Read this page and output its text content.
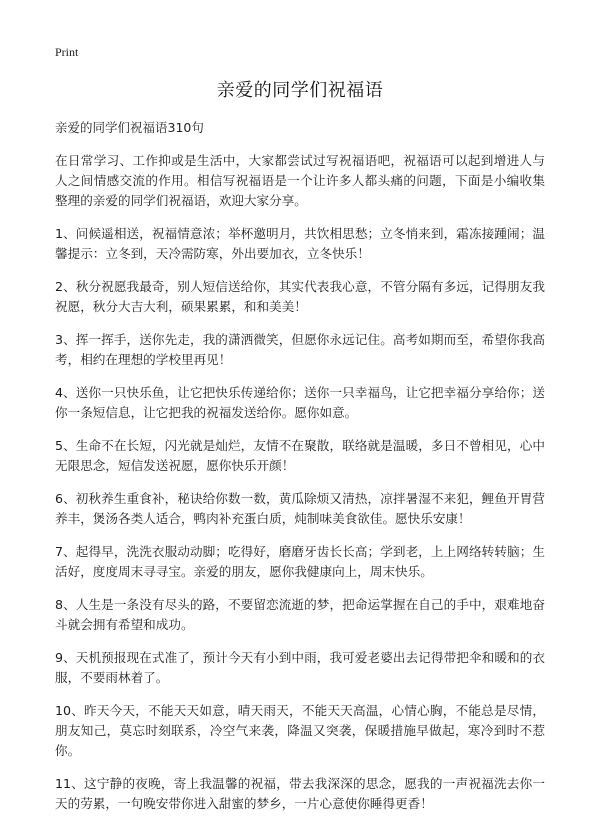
Print
亲爱的同学们祝福语
亲爱的同学们祝福语310句

在日常学习、工作抑或是生活中，大家都尝试过写祝福语吧，祝福语可以起到增进人与人之间情感交流的作用。相信写祝福语是一个让许多人都头痛的问题，下面是小编收集整理的亲爱的同学们祝福语，欢迎大家分享。

1、问候遥相送，祝福情意浓；举杯邀明月，共饮相思愁；立冬悄来到，霜冻接踵闹；温馨提示：立冬到，天冷需防寒，外出要加衣，立冬快乐！

2、秋分祝愿我最奇，别人短信送给你，其实代表我心意，不管分隔有多远，记得朋友我祝愿，秋分大吉大利，硕果累累，和和美美！

3、挥一挥手，送你先走，我的潇洒微笑，但愿你永远记住。高考如期而至，希望你我高考，相约在理想的学校里再见！

4、送你一只快乐鱼，让它把快乐传递给你；送你一只幸福鸟，让它把幸福分享给你；送你一条短信息，让它把我的祝福发送给你。愿你如意。

5、生命不在长短，闪光就是灿烂，友情不在聚散，联络就是温暖，多日不曾相见，心中无限思念，短信发送祝愿，愿你快乐开颜！

6、初秋养生重食补，秘诀给你数一数，黄瓜除烦又清热，凉拌暑湿不来犯，鲤鱼开胃营养丰，煲汤各类人适合，鸭肉补充蛋白质，炖制味美食欲佳。愿快乐安康！

7、起得早，洗洗衣服动动脚；吃得好，磨磨牙齿长长高；学到老，上上网络转转脑；生活好，度度周末寻寻宝。亲爱的朋友，愿你我健康向上，周末快乐。

8、人生是一条没有尽头的路，不要留恋流逝的梦，把命运掌握在自己的手中，艰难地奋斗就会拥有希望和成功。

9、天机预报现在式准了，预计今天有小到中雨，我可爱老婆出去记得带把伞和暖和的衣服，不要雨林着了。

10、昨天今天，不能天天如意，晴天雨天，不能天天高温，心情心胸，不能总是尽情，朋友知己，莫忘时刻联系，冷空气来袭，降温又突袭，保暖措施早做起，寒冷到时不惹你。

11、这宁静的夜晚，寄上我温馨的祝福，带去我深深的思念，愿我的一声祝福洗去你一天的劳累，一句晚安带你进入甜蜜的梦乡，一片心意使你睡得更香！
